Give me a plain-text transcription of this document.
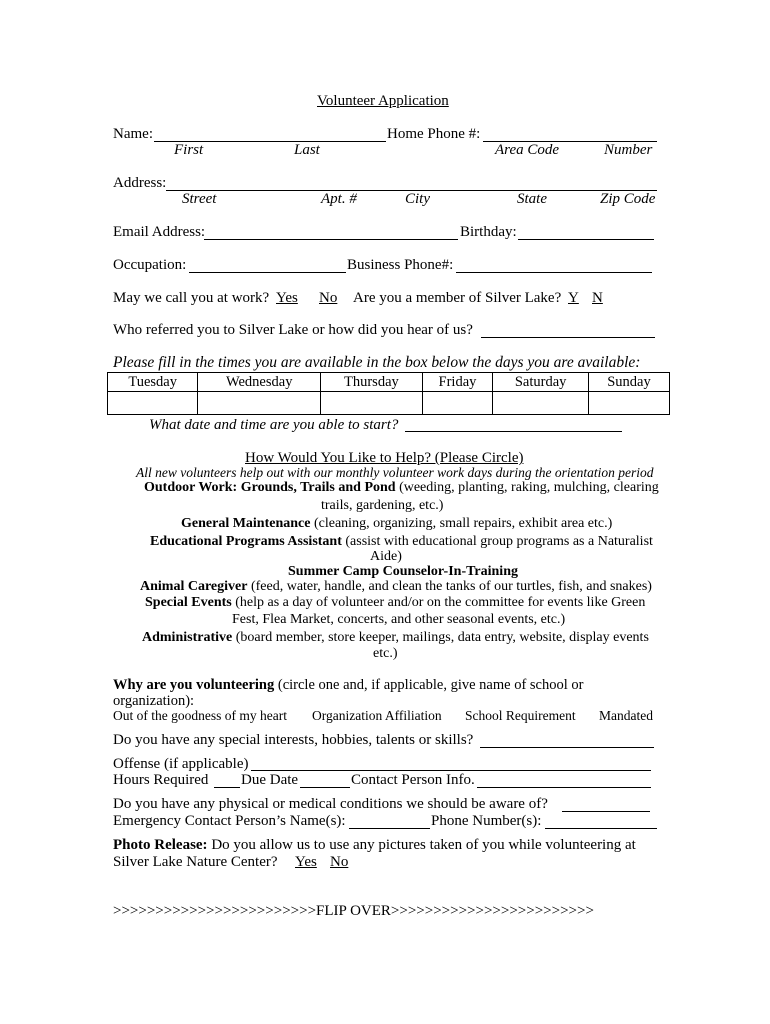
Volunteer Application
Name:	Home Phone #:
First	Last	Area Code	Number
Address:
Street	Apt. #	City	State	Zip Code
Email Address:	Birthday:
Occupation:	Business Phone#:
May we call you at work? Yes	No Are you a member of Silver Lake? Y N
Who referred you to Silver Lake or how did you hear of us?
Please fill in the times you are available in the box below the days you are available:
Tuesday	Wednesday	Thursday	Friday	Saturday	Sunday

What date and time are you able to start?
How Would You Like to Help? (Please Circle)
All new volunteers help out with our monthly volunteer work days during the orientation period
Outdoor Work: Grounds, Trails and Pond (weeding, planting, raking, mulching, clearing
trails, gardening, etc.)
General Maintenance (cleaning, organizing, small repairs, exhibit area etc.)
Educational Programs Assistant (assist with educational group programs as a Naturalist
Aide)
Summer Camp Counselor-In-Training
Animal Caregiver (feed, water, handle, and clean the tanks of our turtles, fish, and snakes)
Special Events (help as a day of volunteer and/or on the committee for events like Green
Fest, Flea Market, concerts, and other seasonal events, etc.)
Administrative (board member, store keeper, mailings, data entry, website, display events
etc.)
Why are you volunteering (circle one and, if applicable, give name of school or
organization):
Out of the goodness of my heart Organization Affiliation School Requirement Mandated
Do you have any special interests, hobbies, talents or skills?
Offense (if applicable)
Hours Required Due Date	Contact Person Info.
Do you have any physical or medical conditions we should be aware of?
Emergency Contact Person’s Name(s):	Phone Number(s):
Photo Release: Do you allow us to use any pictures taken of you while volunteering at
Silver Lake Nature Center? Yes No
>>>>>>>>>>>>>>>>>>>>>>>>FLIP OVER>>>>>>>>>>>>>>>>>>>>>>>>
